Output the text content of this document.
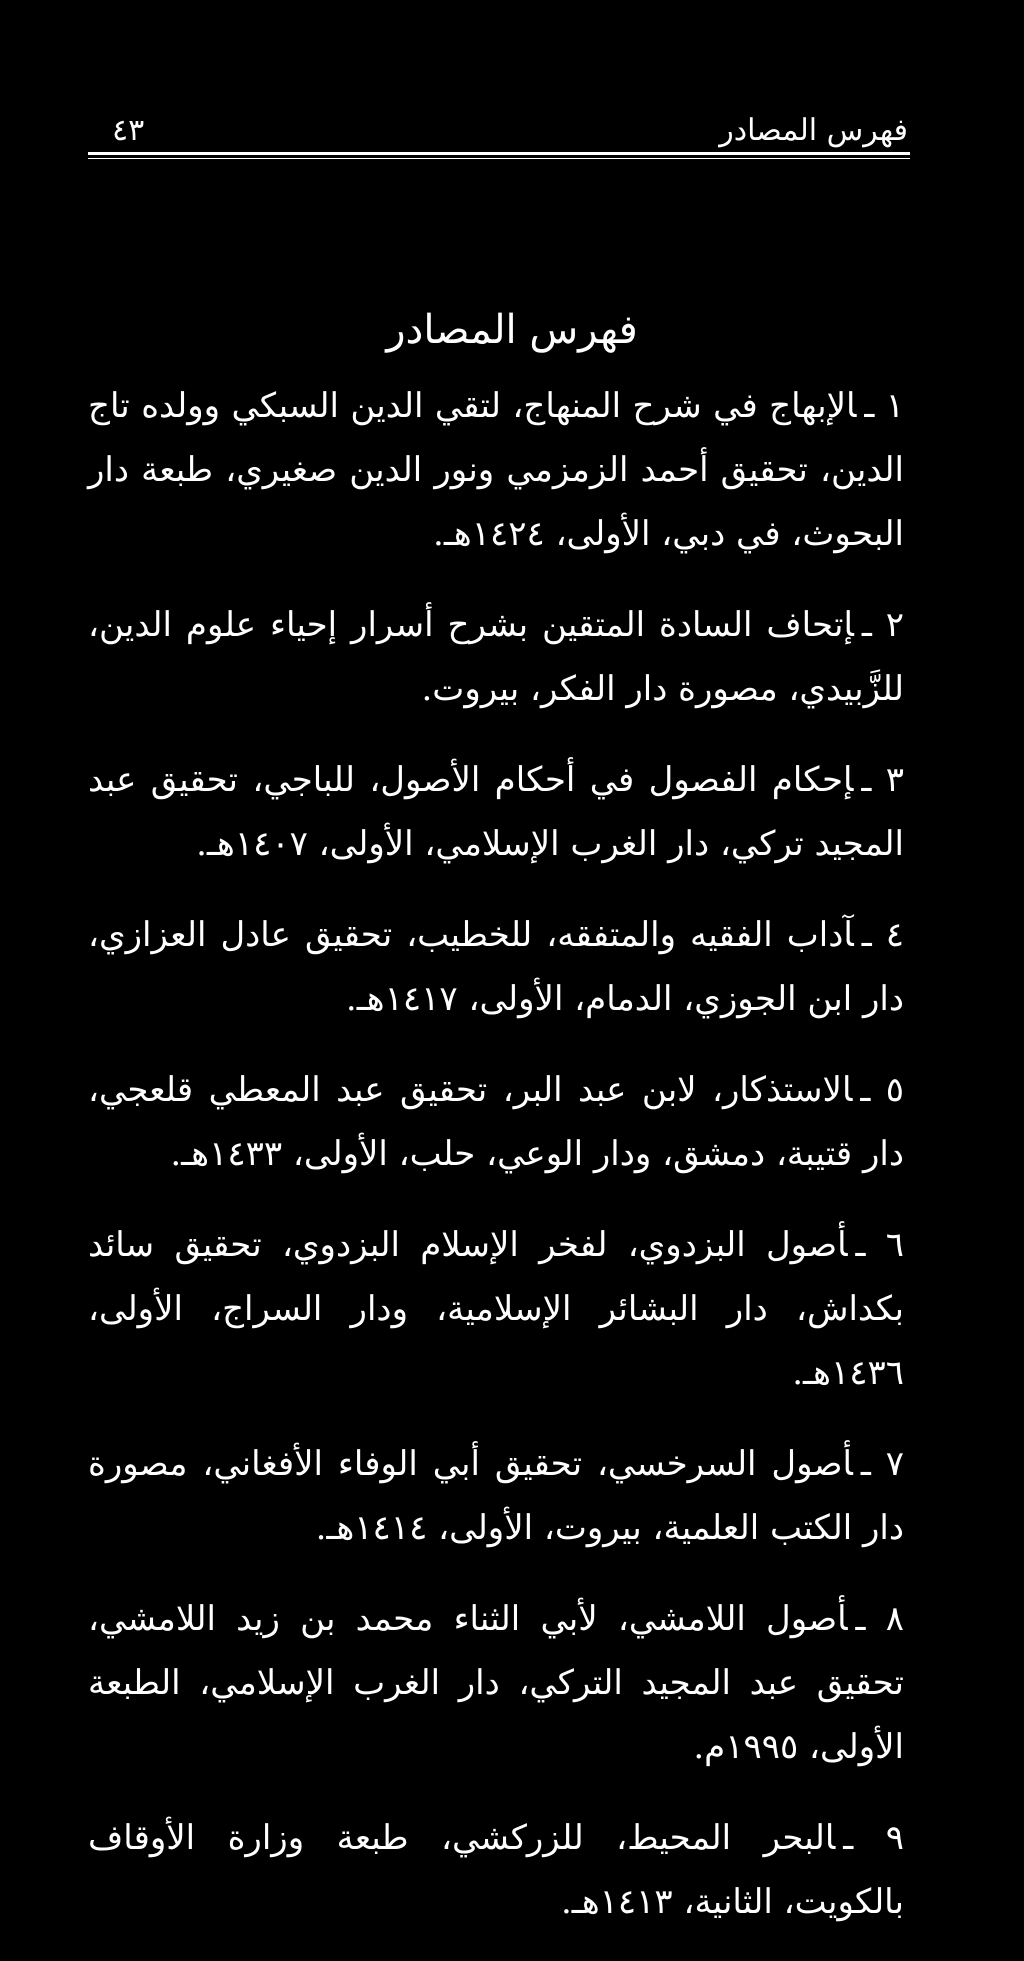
فهرس المصادر
٤٣
فهرس المصادر

١ ـالإبهاج في شرح المنهاج، لتقي الدين السبكي وولده تاج الدين، تحقيق أحمد الزمزمي ونور الدين صغيري، طبعة دار البحوث، في دبي، الأولى، ١٤٢٤هـ.

٢ ـإتحاف السادة المتقين بشرح أسرار إحياء علوم الدين، للزَّبيدي، مصورة دار الفكر، بيروت.

٣ ـإحكام الفصول في أحكام الأصول، للباجي، تحقيق عبد المجيد تركي، دار الغرب الإسلامي، الأولى، ١٤٠٧هـ.

٤ ـآداب الفقيه والمتفقه، للخطيب، تحقيق عادل العزازي، دار ابن الجوزي، الدمام، الأولى، ١٤١٧هـ.

٥ ـالاستذكار، لابن عبد البر، تحقيق عبد المعطي قلعجي، دار قتيبة، دمشق، ودار الوعي، حلب، الأولى، ١٤٣٣هـ.

٦ ـأصول البزدوي، لفخر الإسلام البزدوي، تحقيق سائد بكداش، دار البشائر الإسلامية، ودار السراج، الأولى، ١٤٣٦هـ.

٧ ـأصول السرخسي، تحقيق أبي الوفاء الأفغاني، مصورة دار الكتب العلمية، بيروت، الأولى، ١٤١٤هـ.

٨ ـأصول اللامشي، لأبي الثناء محمد بن زيد اللامشي، تحقيق عبد المجيد التركي، دار الغرب الإسلامي، الطبعة الأولى، ١٩٩٥م.

٩ ـالبحر المحيط، للزركشي، طبعة وزارة الأوقاف بالكويت، الثانية، ١٤١٣هـ.
